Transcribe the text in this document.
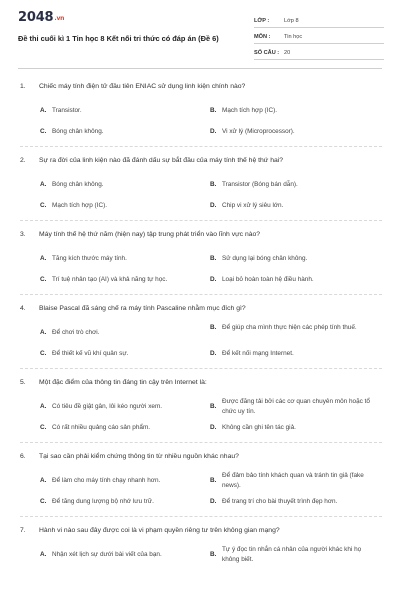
2048.vn
Đề thi cuối kì 1 Tin học 8 Kết nối tri thức có đáp án (Đề 6)
LỚP :	Lớp 8
MÔN : Tin học
SỐ CÂU : 20
1. Chiếc máy tính điện tử đầu tiên ENIAC sử dụng linh kiện chính nào?
A. Transistor.	B. Mạch tích hợp (IC).
C. Bóng chân không.	D. Vi xử lý (Microprocessor).
2. Sự ra đời của linh kiện nào đã đánh dấu sự bắt đầu của máy tính thế hệ thứ hai?
A. Bóng chân không.	B. Transistor (Bóng bán dẫn).
C. Mạch tích hợp (IC).	D. Chip vi xử lý siêu lớn.
3. Máy tính thế hệ thứ năm (hiện nay) tập trung phát triển vào lĩnh vực nào?
A. Tăng kích thước máy tính.	B. Sử dụng lại bóng chân không.
C. Trí tuệ nhân tạo (AI) và khả năng tự học.	D. Loại bỏ hoàn toàn hệ điều hành.
4. Blaise Pascal đã sáng chế ra máy tính Pascaline nhằm mục đích gì?
A. Để chơi trò chơi.
B. Để giúp cha mình thực hiện các phép tính thuế.
C. Để thiết kế vũ khí quân sự.	D. Để kết nối mạng Internet.
5. Một đặc điểm của thông tin đáng tin cậy trên Internet là:
A. Có tiêu đề giật gân, lôi kéo người xem.	B.
Được đăng tải bởi các cơ quan chuyên môn hoặc tổ chức uy tín.
C. Có rất nhiều quảng cáo sản phẩm.	D. Không cần ghi tên tác giả.
6. Tại sao cần phải kiểm chứng thông tin từ nhiều nguồn khác nhau?
A. Để làm cho máy tính chạy nhanh hơn.	B.
Để đảm bảo tính khách quan và tránh tin giả (fake news).
C. Để tăng dung lượng bộ nhớ lưu trữ.	D. Để trang trí cho bài thuyết trình đẹp hơn.
7. Hành vi nào sau đây được coi là vi phạm quyền riêng tư trên không gian mạng?
A. Nhận xét lịch sự dưới bài viết của bạn.	B.
Tự ý đọc tin nhắn cá nhân của người khác khi họ không biết.
